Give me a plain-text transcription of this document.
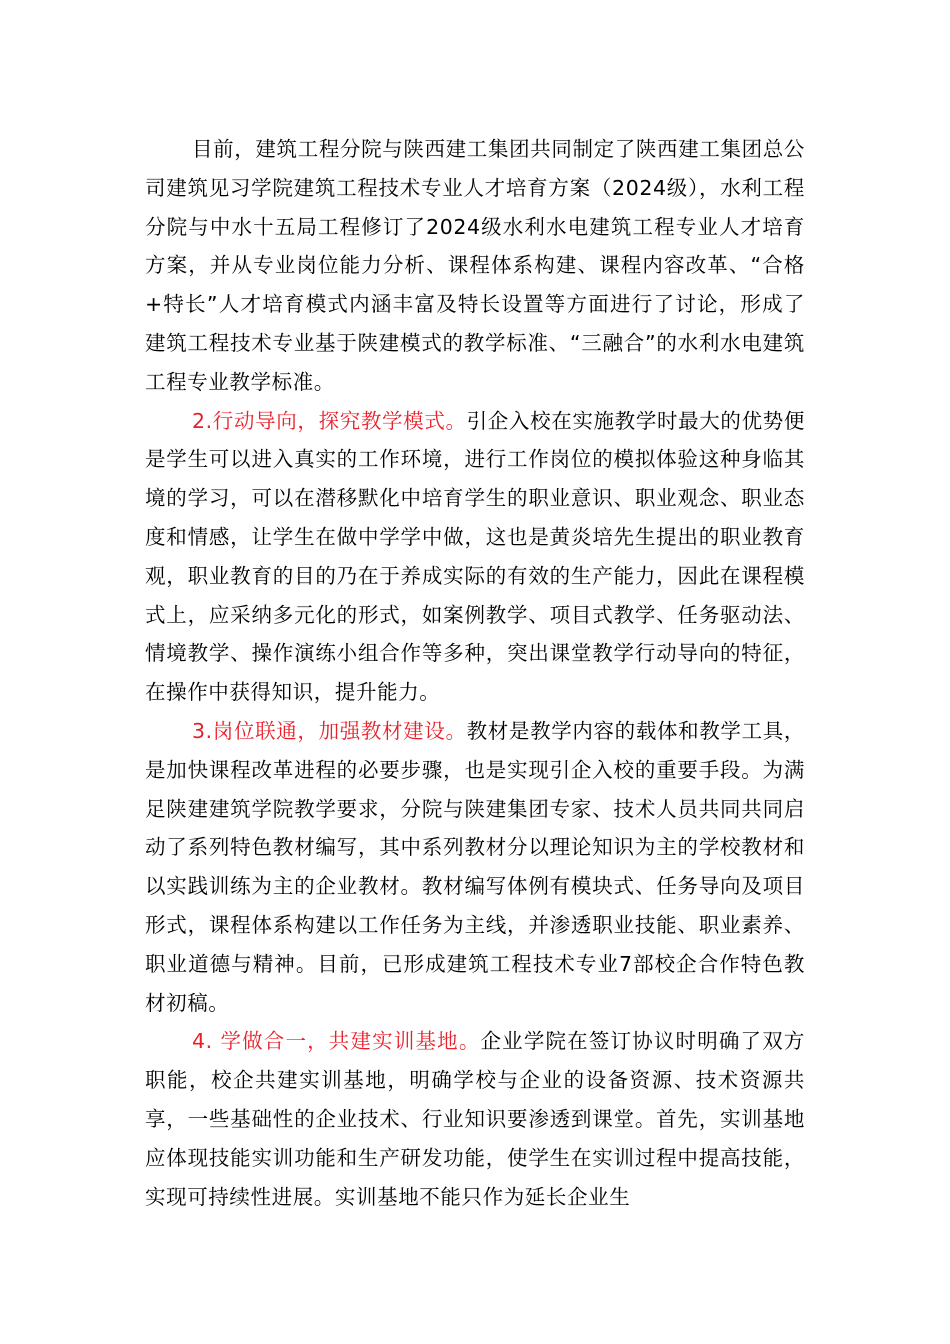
目前，建筑工程分院与陕西建工集团共同制定了陕西建工集团总公司建筑见习学院建筑工程技术专业人才培育方案（2024级），水利工程分院与中水十五局工程修订了2024级水利水电建筑工程专业人才培育方案，并从专业岗位能力分析、课程体系构建、课程内容改革、“合格+特长”人才培育模式内涵丰富及特长设置等方面进行了讨论，形成了建筑工程技术专业基于陕建模式的教学标准、“三融合”的水利水电建筑工程专业教学标准。

2.行动导向，探究教学模式。引企入校在实施教学时最大的优势便是学生可以进入真实的工作环境，进行工作岗位的模拟体验这种身临其境的学习，可以在潜移默化中培育学生的职业意识、职业观念、职业态度和情感，让学生在做中学学中做，这也是黄炎培先生提出的职业教育观，职业教育的目的乃在于养成实际的有效的生产能力，因此在课程模式上，应采纳多元化的形式，如案例教学、项目式教学、任务驱动法、情境教学、操作演练小组合作等多种，突出课堂教学行动导向的特征，在操作中获得知识，提升能力。

3.岗位联通，加强教材建设。教材是教学内容的载体和教学工具，是加快课程改革进程的必要步骤，也是实现引企入校的重要手段。为满足陕建建筑学院教学要求，分院与陕建集团专家、技术人员共同共同启动了系列特色教材编写，其中系列教材分以理论知识为主的学校教材和以实践训练为主的企业教材。教材编写体例有模块式、任务导向及项目形式，课程体系构建以工作任务为主线，并渗透职业技能、职业素养、职业道德与精神。目前，已形成建筑工程技术专业7部校企合作特色教材初稿。

4. 学做合一，共建实训基地。企业学院在签订协议时明确了双方职能，校企共建实训基地，明确学校与企业的设备资源、技术资源共享，一些基础性的企业技术、行业知识要渗透到课堂。首先，实训基地应体现技能实训功能和生产研发功能，使学生在实训过程中提高技能，实现可持续性进展。实训基地不能只作为延长企业生
